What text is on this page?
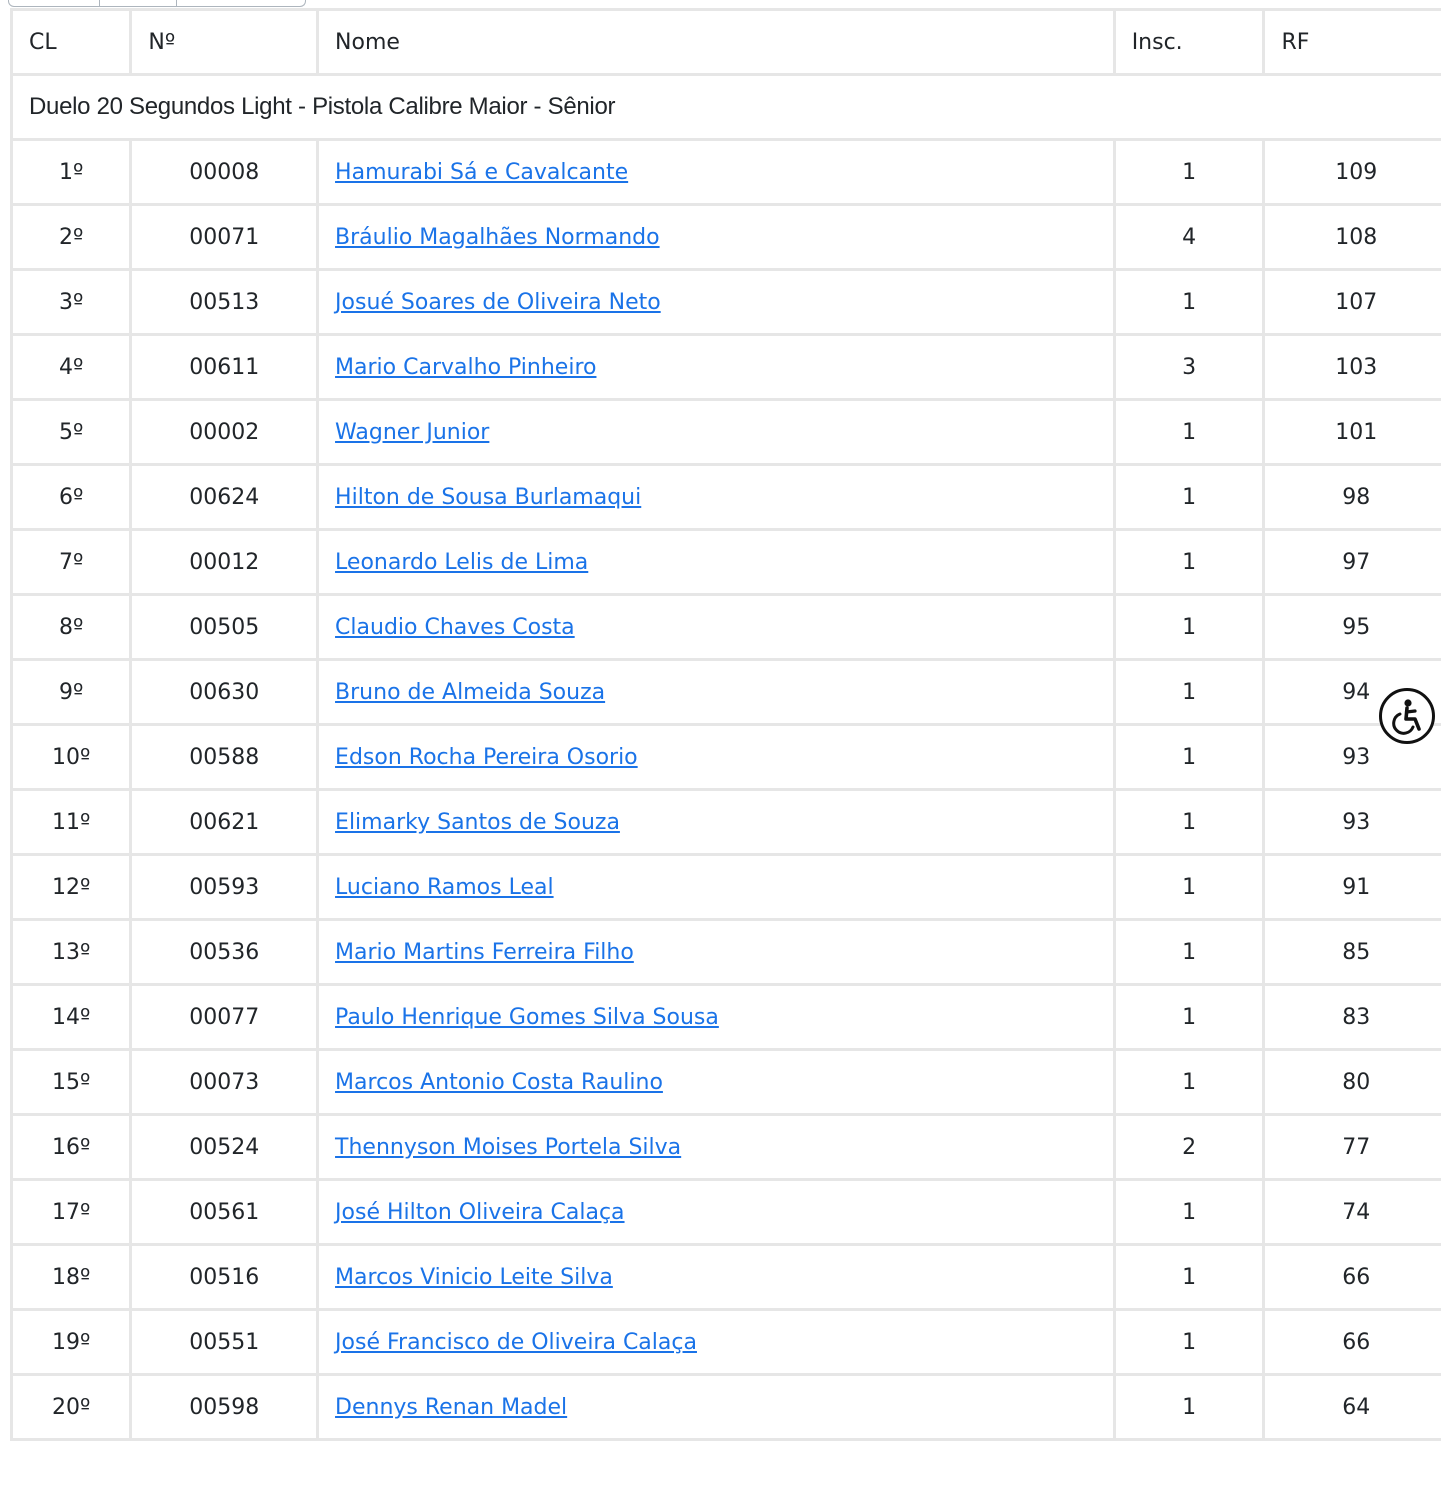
CL	Nº	Nome	Insc.	RF
Duelo 20 Segundos Light - Pistola Calibre Maior - Sênior				
1º	00008	Hamurabi Sá e Cavalcante	1	109
2º	00071	Bráulio Magalhães Normando	4	108
3º	00513	Josué Soares de Oliveira Neto	1	107
4º	00611	Mario Carvalho Pinheiro	3	103
5º	00002	Wagner Junior	1	101
6º	00624	Hilton de Sousa Burlamaqui	1	98
7º	00012	Leonardo Lelis de Lima	1	97
8º	00505	Claudio Chaves Costa	1	95
9º	00630	Bruno de Almeida Souza	1	94
10º	00588	Edson Rocha Pereira Osorio	1	93
11º	00621	Elimarky Santos de Souza	1	93
12º	00593	Luciano Ramos Leal	1	91
13º	00536	Mario Martins Ferreira Filho	1	85
14º	00077	Paulo Henrique Gomes Silva Sousa	1	83
15º	00073	Marcos Antonio Costa Raulino	1	80
16º	00524	Thennyson Moises Portela Silva	2	77
17º	00561	José Hilton Oliveira Calaça	1	74
18º	00516	Marcos Vinicio Leite Silva	1	66
19º	00551	José Francisco de Oliveira Calaça	1	66
20º	00598	Dennys Renan Madel	1	64
